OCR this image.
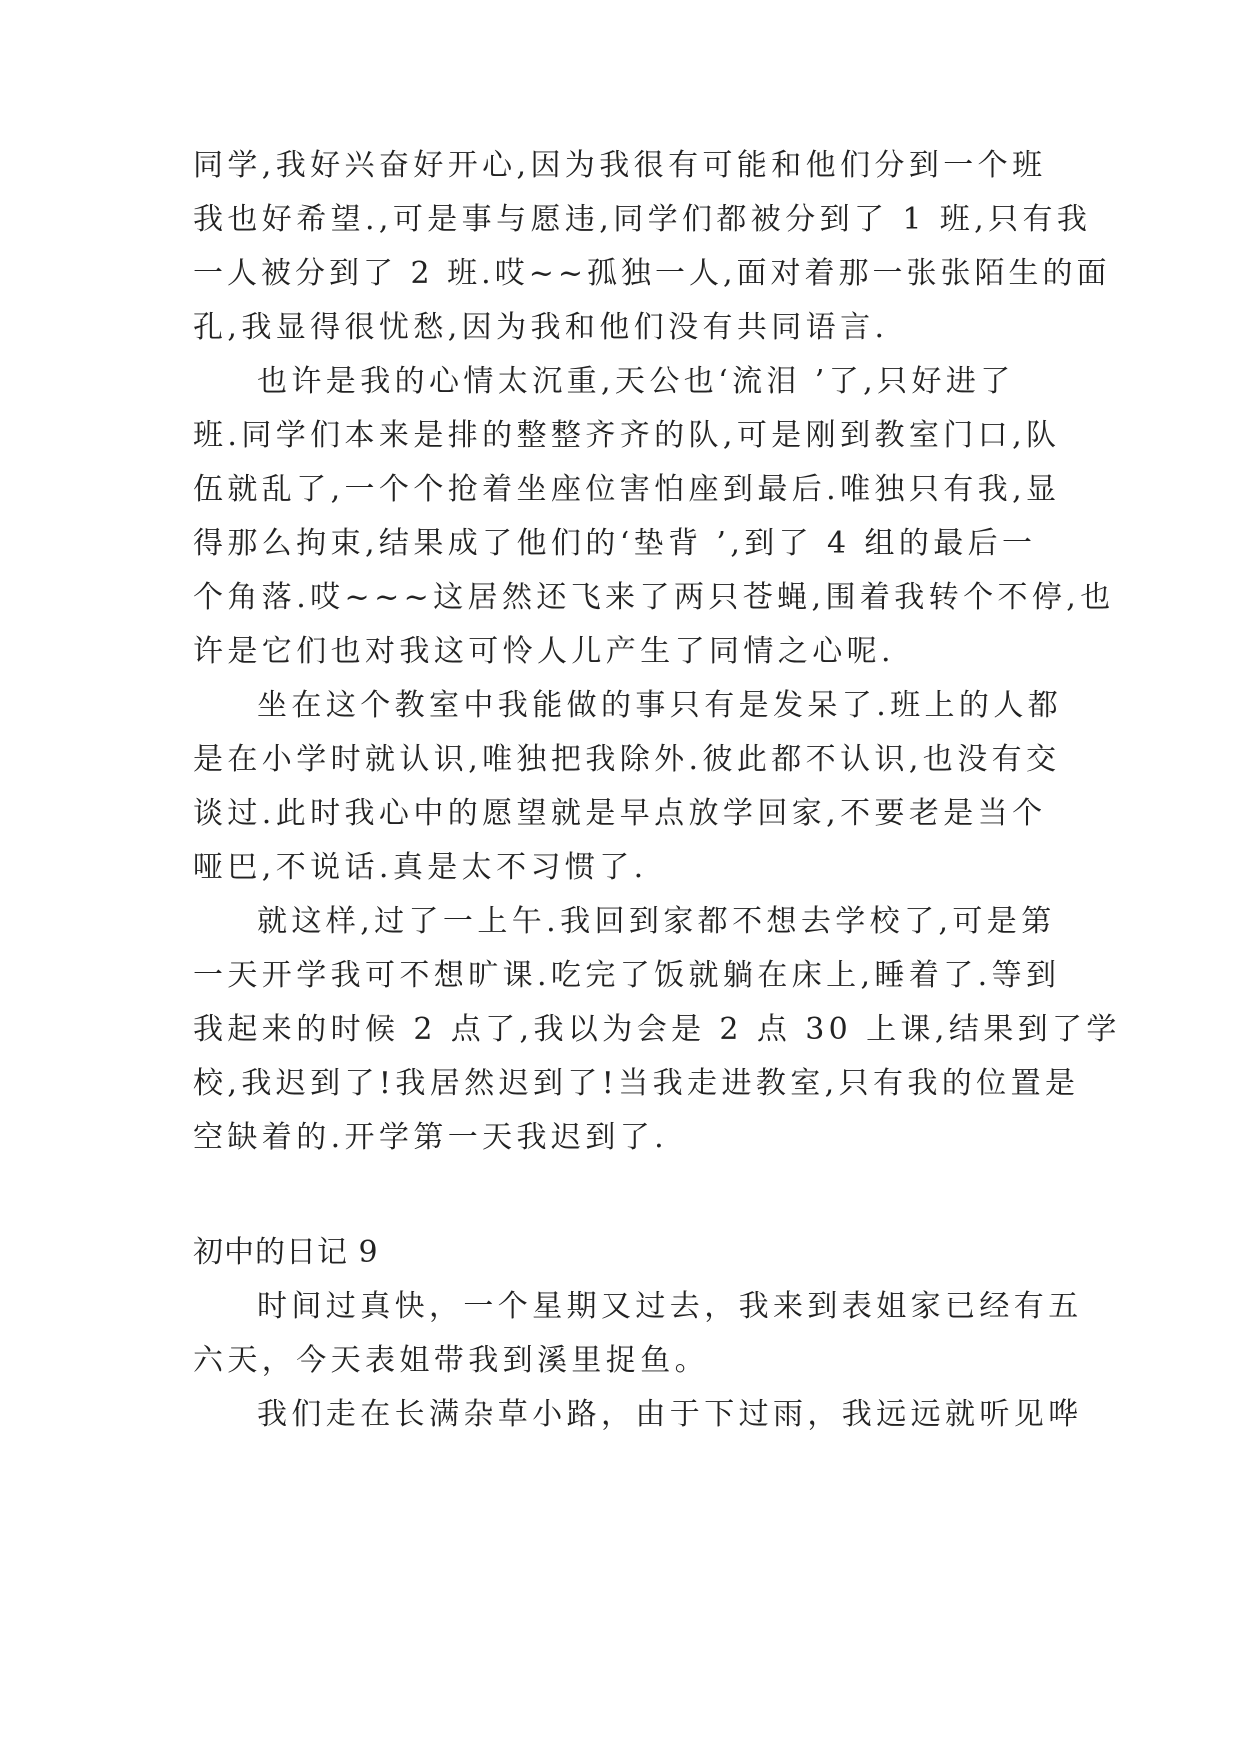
同学,我好兴奋好开心,因为我很有可能和他们分到一个班
我也好希望.,可是事与愿违,同学们都被分到了 1 班,只有我
一人被分到了 2 班.哎~~孤独一人,面对着那一张张陌生的面
孔,我显得很忧愁,因为我和他们没有共同语言.
也许是我的心情太沉重,天公也‘流泪 ’了,只好进了
班.同学们本来是排的整整齐齐的队,可是刚到教室门口,队
伍就乱了,一个个抢着坐座位害怕座到最后.唯独只有我,显
得那么拘束,结果成了他们的‘垫背 ’,到了 4 组的最后一
个角落.哎~~~这居然还飞来了两只苍蝇,围着我转个不停,也
许是它们也对我这可怜人儿产生了同情之心呢.
坐在这个教室中我能做的事只有是发呆了.班上的人都
是在小学时就认识,唯独把我除外.彼此都不认识,也没有交
谈过.此时我心中的愿望就是早点放学回家,不要老是当个
哑巴,不说话.真是太不习惯了.
就这样,过了一上午.我回到家都不想去学校了,可是第
一天开学我可不想旷课.吃完了饭就躺在床上,睡着了.等到
我起来的时候 2 点了,我以为会是 2 点 30 上课,结果到了学
校,我迟到了!我居然迟到了!当我走进教室,只有我的位置是
空缺着的.开学第一天我迟到了.
初中的日记 9
时间过真快，一个星期又过去，我来到表姐家已经有五
六天，今天表姐带我到溪里捉鱼。
我们走在长满杂草小路，由于下过雨，我远远就听见哗
